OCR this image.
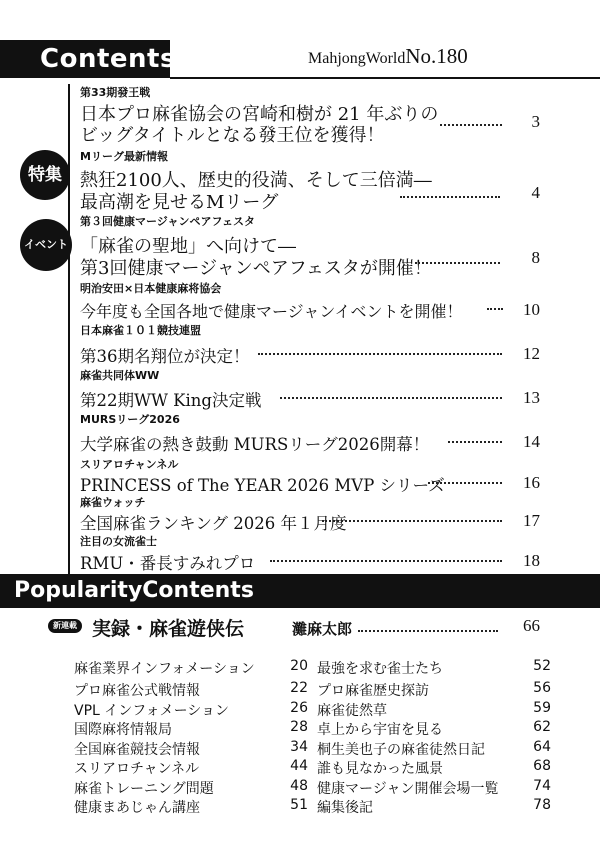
Contents	MahjongWorldNo.180
特集
イベント
第33期發王戦
日本プロ麻雀協会の宮崎和樹が 21 年ぶりの
ビッグタイトルとなる發王位を獲得！
3
Mリーグ最新情報
熱狂2100人、歴史的役満、そして三倍満―
最高潮を見せるMリーグ	4
第３回健康マージャンペアフェスタ
「麻雀の聖地」へ向けて―
第3回健康マージャンペアフェスタが開催！
8
明治安田×日本健康麻将協会
今年度も全国各地で健康マージャンイベントを開催！	10
日本麻雀１０１競技連盟
第36期名翔位が決定！	12
麻雀共同体WW
第22期WW King決定戦	13
MURSリーグ2026
大学麻雀の熱き鼓動 MURSリーグ2026開幕！	14
スリアロチャンネル
PRINCESS of The YEAR 2026 MVP シリーズ	16
麻雀ウォッチ
全国麻雀ランキング 2026 年１月度	17
注目の女流雀士
RMU・番長すみれプロ	18
PopularityContents
新連載 実録・麻雀遊侠伝	灘麻太郎	66
麻雀業界インフォメーション	20
プロ麻雀公式戦情報	22
VPL インフォメーション	26
国際麻将情報局	28
全国麻雀競技会情報	34
スリアロチャンネル	44
麻雀トレーニング問題	48
健康まあじゃん講座	51
最強を求む雀士たち	52
プロ麻雀歴史探訪	56
麻雀徒然草	59
卓上から宇宙を見る	62
桐生美也子の麻雀徒然日記	64
誰も見なかった風景	68
健康マージャン開催会場一覧	74
編集後記	78
